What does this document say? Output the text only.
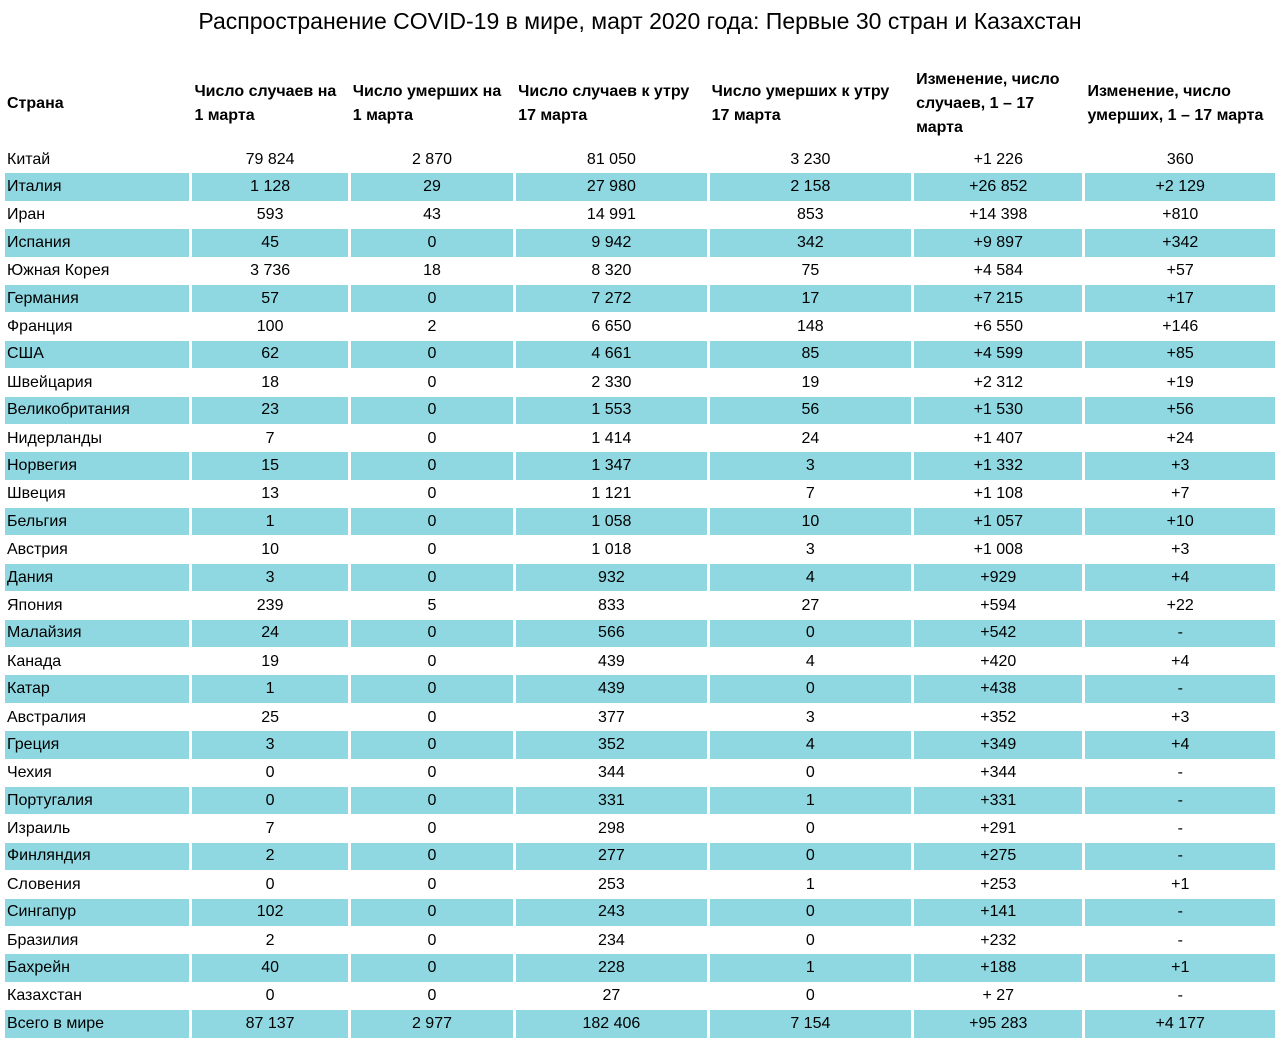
Распространение COVID-19 в мире, март 2020 года: Первые 30 стран и Казахстан
Страна	Число случаев на 1 марта	Число умерших на 1 марта	Число случаев к утру 17 марта	Число умерших к утру 17 марта	Изменение, число случаев, 1 – 17 марта	Изменение, число умерших, 1 – 17 марта
Китай	79 824	2 870	81 050	3 230	+1 226	360
Италия	1 128	29	27 980	2 158	+26 852	+2 129
Иран	593	43	14 991	853	+14 398	+810
Испания	45	0	9 942	342	+9 897	+342
Южная Корея	3 736	18	8 320	75	+4 584	+57
Германия	57	0	7 272	17	+7 215	+17
Франция	100	2	6 650	148	+6 550	+146
США	62	0	4 661	85	+4 599	+85
Швейцария	18	0	2 330	19	+2 312	+19
Великобритания	23	0	1 553	56	+1 530	+56
Нидерланды	7	0	1 414	24	+1 407	+24
Норвегия	15	0	1 347	3	+1 332	+3
Швеция	13	0	1 121	7	+1 108	+7
Бельгия	1	0	1 058	10	+1 057	+10
Австрия	10	0	1 018	3	+1 008	+3
Дания	3	0	932	4	+929	+4
Япония	239	5	833	27	+594	+22
Малайзия	24	0	566	0	+542	-
Канада	19	0	439	4	+420	+4
Катар	1	0	439	0	+438	-
Австралия	25	0	377	3	+352	+3
Греция	3	0	352	4	+349	+4
Чехия	0	0	344	0	+344	-
Португалия	0	0	331	1	+331	-
Израиль	7	0	298	0	+291	-
Финляндия	2	0	277	0	+275	-
Словения	0	0	253	1	+253	+1
Сингапур	102	0	243	0	+141	-
Бразилия	2	0	234	0	+232	-
Бахрейн	40	0	228	1	+188	+1
Казахстан	0	0	27	0	+ 27	-
Всего в мире	87 137	2 977	182 406	7 154	+95 283	+4 177
